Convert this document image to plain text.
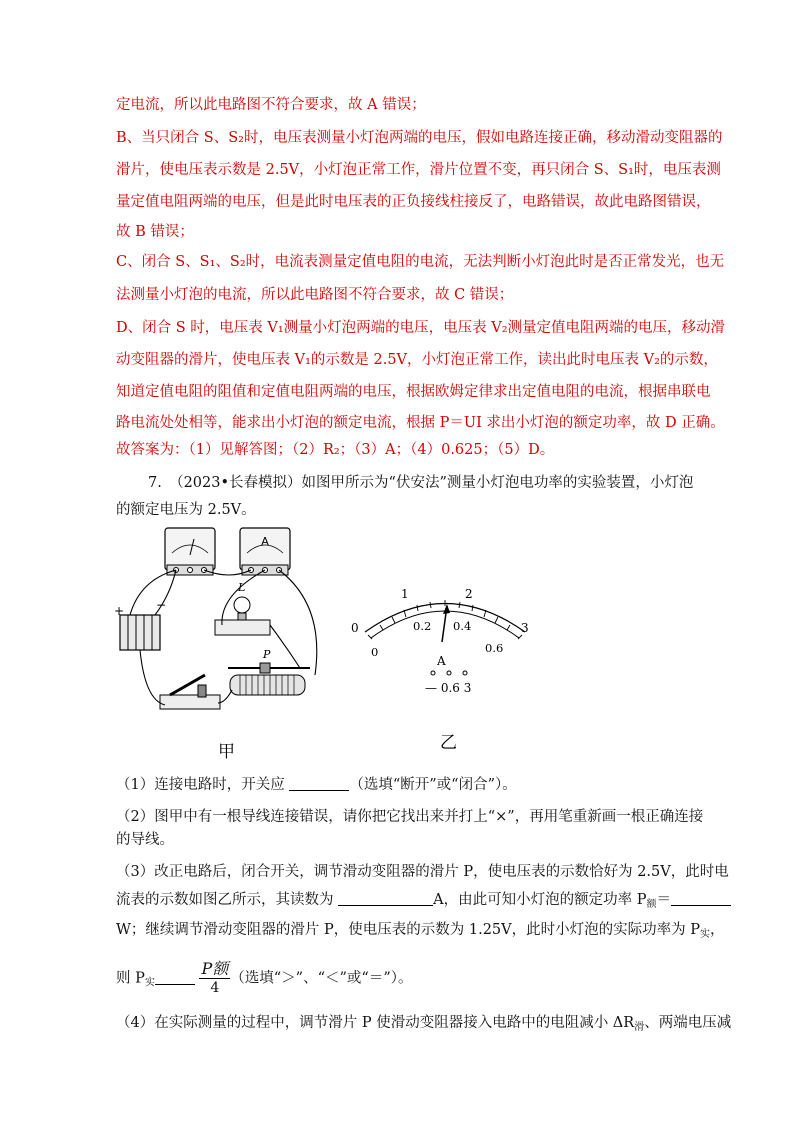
定电流，所以此电路图不符合要求，故 A 错误；
B、当只闭合 S、S₂时，电压表测量小灯泡两端的电压，假如电路连接正确，移动滑动变阻器的
滑片，使电压表示数是 2.5V，小灯泡正常工作，滑片位置不变，再只闭合 S、S₁时，电压表测
量定值电阻两端的电压，但是此时电压表的正负接线柱接反了，电路错误，故此电路图错误，
故 B 错误；
C、闭合 S、S₁、S₂时，电流表测量定值电阻的电流，无法判断小灯泡此时是否正常发光，也无
法测量小灯泡的电流，所以此电路图不符合要求，故 C 错误；
D、闭合 S 时，电压表 V₁测量小灯泡两端的电压，电压表 V₂测量定值电阻两端的电压，移动滑
动变阻器的滑片，使电压表 V₁的示数是 2.5V，小灯泡正常工作，读出此时电压表 V₂的示数，
知道定值电阻的阻值和定值电阻两端的电压，根据欧姆定律求出定值电阻的电流，根据串联电
路电流处处相等，能求出小灯泡的额定电流，根据 P＝UI 求出小灯泡的额定功率，故 D 正确。
故答案为：（1）见解答图；（2）R₂；（3）A；（4）0.625；（5）D。
7.　（2023•长春模拟）如图甲所示为“伏安法”测量小灯泡电功率的实验装置，小灯泡
的额定电压为 2.5V。
A
+	−
L
P
甲
0
1	2
3
0
0.2 0.4
0.6
A
— 0.6 3
乙
（1）连接电路时，开关应	（选填“断开”或“闭合”）。
（2）图甲中有一根导线连接错误，请你把它找出来并打上“×”，再用笔重新画一根正确连接
的导线。
（3）改正电路后，闭合开关，调节滑动变阻器的滑片 P，使电压表的示数恰好为 2.5V，此时电
流表的示数如图乙所示，其读数为	A，由此可知小灯泡的额定功率 $P_额=$
W；继续调节滑动变阻器的滑片 P，使电压表的示数为 1.25V，此时小灯泡的实际功率为 $P_实$，
则 $P_实$	$\frac{\text{P额}}{4}$ （选填“＞”、“＜”或“＝”）。
（4）在实际测量的过程中，调节滑片 P 使滑动变阻器接入电路中的电阻减小 $\Delta R_滑$、两端电压减
